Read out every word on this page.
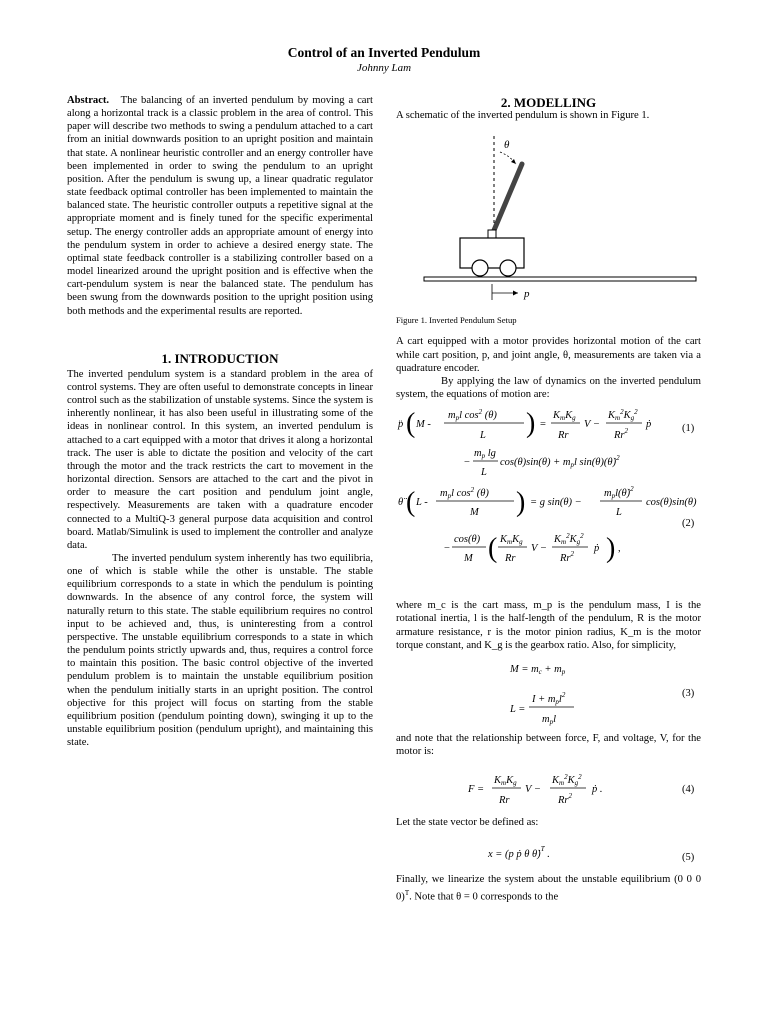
Control of an Inverted Pendulum
Johnny Lam

Abstract. The balancing of an inverted pendulum by moving a cart along a horizontal track is a classic problem in the area of control. This paper will describe two methods to swing a pendulum attached to a cart from an initial downwards position to an upright position and maintain that state. A nonlinear heuristic controller and an energy controller have been implemented in order to swing the pendulum to an upright position. After the pendulum is swung up, a linear quadratic regulator state feedback optimal controller has been implemented to maintain the balanced state. The heuristic controller outputs a repetitive signal at the appropriate moment and is finely tuned for the specific experimental setup. The energy controller adds an appropriate amount of energy into the pendulum system in order to achieve a desired energy state. The optimal state feedback controller is a stabilizing controller based on a model linearized around the upright position and is effective when the cart-pendulum system is near the balanced state. The pendulum has been swung from the downwards position to the upright position using both methods and the experimental results are reported.

1. INTRODUCTION

The inverted pendulum system is a standard problem in the area of control systems. They are often useful to demonstrate concepts in linear control such as the stabilization of unstable systems. Since the system is inherently nonlinear, it has also been useful in illustrating some of the ideas in nonlinear control. In this system, an inverted pendulum is attached to a cart equipped with a motor that drives it along a horizontal track. The user is able to dictate the position and velocity of the cart through the motor and the track restricts the cart to movement in the horizontal direction. Sensors are attached to the cart and the pivot in order to measure the cart position and pendulum joint angle, respectively. Measurements are taken with a quadrature encoder connected to a MultiQ-3 general purpose data acquisition and control board. Matlab/Simulink is used to implement the controller and analyze data.

The inverted pendulum system inherently has two equilibria, one of which is stable while the other is unstable. The stable equilibrium corresponds to a state in which the pendulum is pointing downwards. In the absence of any control force, the system will naturally return to this state. The stable equilibrium requires no control input to be achieved and, thus, is uninteresting from a control perspective. The unstable equilibrium corresponds to a state in which the pendulum points strictly upwards and, thus, requires a control force to maintain this position. The basic control objective of the inverted pendulum problem is to maintain the unstable equilibrium position when the pendulum initially starts in an upright position. The control objective for this project will focus on starting from the stable equilibrium position (pendulum pointing down), swinging it up to the unstable equilibrium position (pendulum upright), and maintaining this state.

2. MODELLING

A schematic of the inverted pendulum is shown in Figure 1.

θ
p

Figure 1. Inverted Pendulum Setup

A cart equipped with a motor provides horizontal motion of the cart while cart position, p, and joint angle, θ, measurements are taken via a quadrature encoder.

By applying the law of dynamics on the inverted pendulum system, the equations of motion are:

p̈ ( M -
mpl $\cos^2 (\theta)$
L ) =
KmKg
Rr
V −
$Km^2Kg^2$
Rr$^2$
ṗ	(1)
−
mp lg
L
cos(θ)sin(θ) + mpl sin(θ)(θ̇)$^2$
θ̈ ( L -
mpl $\cos^2 (\theta)$
M ) = g sin(θ) −
mpl(θ̇)$^2$
L
cos(θ)sin(θ)
(2)
−
cos(θ)
M ( KmKg
Rr
V −
$Km^2Kg^2$
Rr$^2$ ṗ ) ,

where m_c is the cart mass, m_p is the pendulum mass, I is the rotational inertia, l is the half-length of the pendulum, R is the motor armature resistance, r is the motor pinion radius, K_m is the motor torque constant, and K_g is the gearbox ratio. Also, for simplicity,

M = mc + mp
L =
I + mpl$^2$
mpl
(3)

and note that the relationship between force, F, and voltage, V, for the motor is:

F =
KmKg
Rr
V −
$Km^2Kg^2$
Rr$^2$
ṗ .	(4)

Let the state vector be defined as:

x = (p ṗ θ θ̇)$^T$ .	(5)

Finally, we linearize the system about the unstable equilibrium (0 0 0 0)$^T$. Note that θ = 0 corresponds to the
